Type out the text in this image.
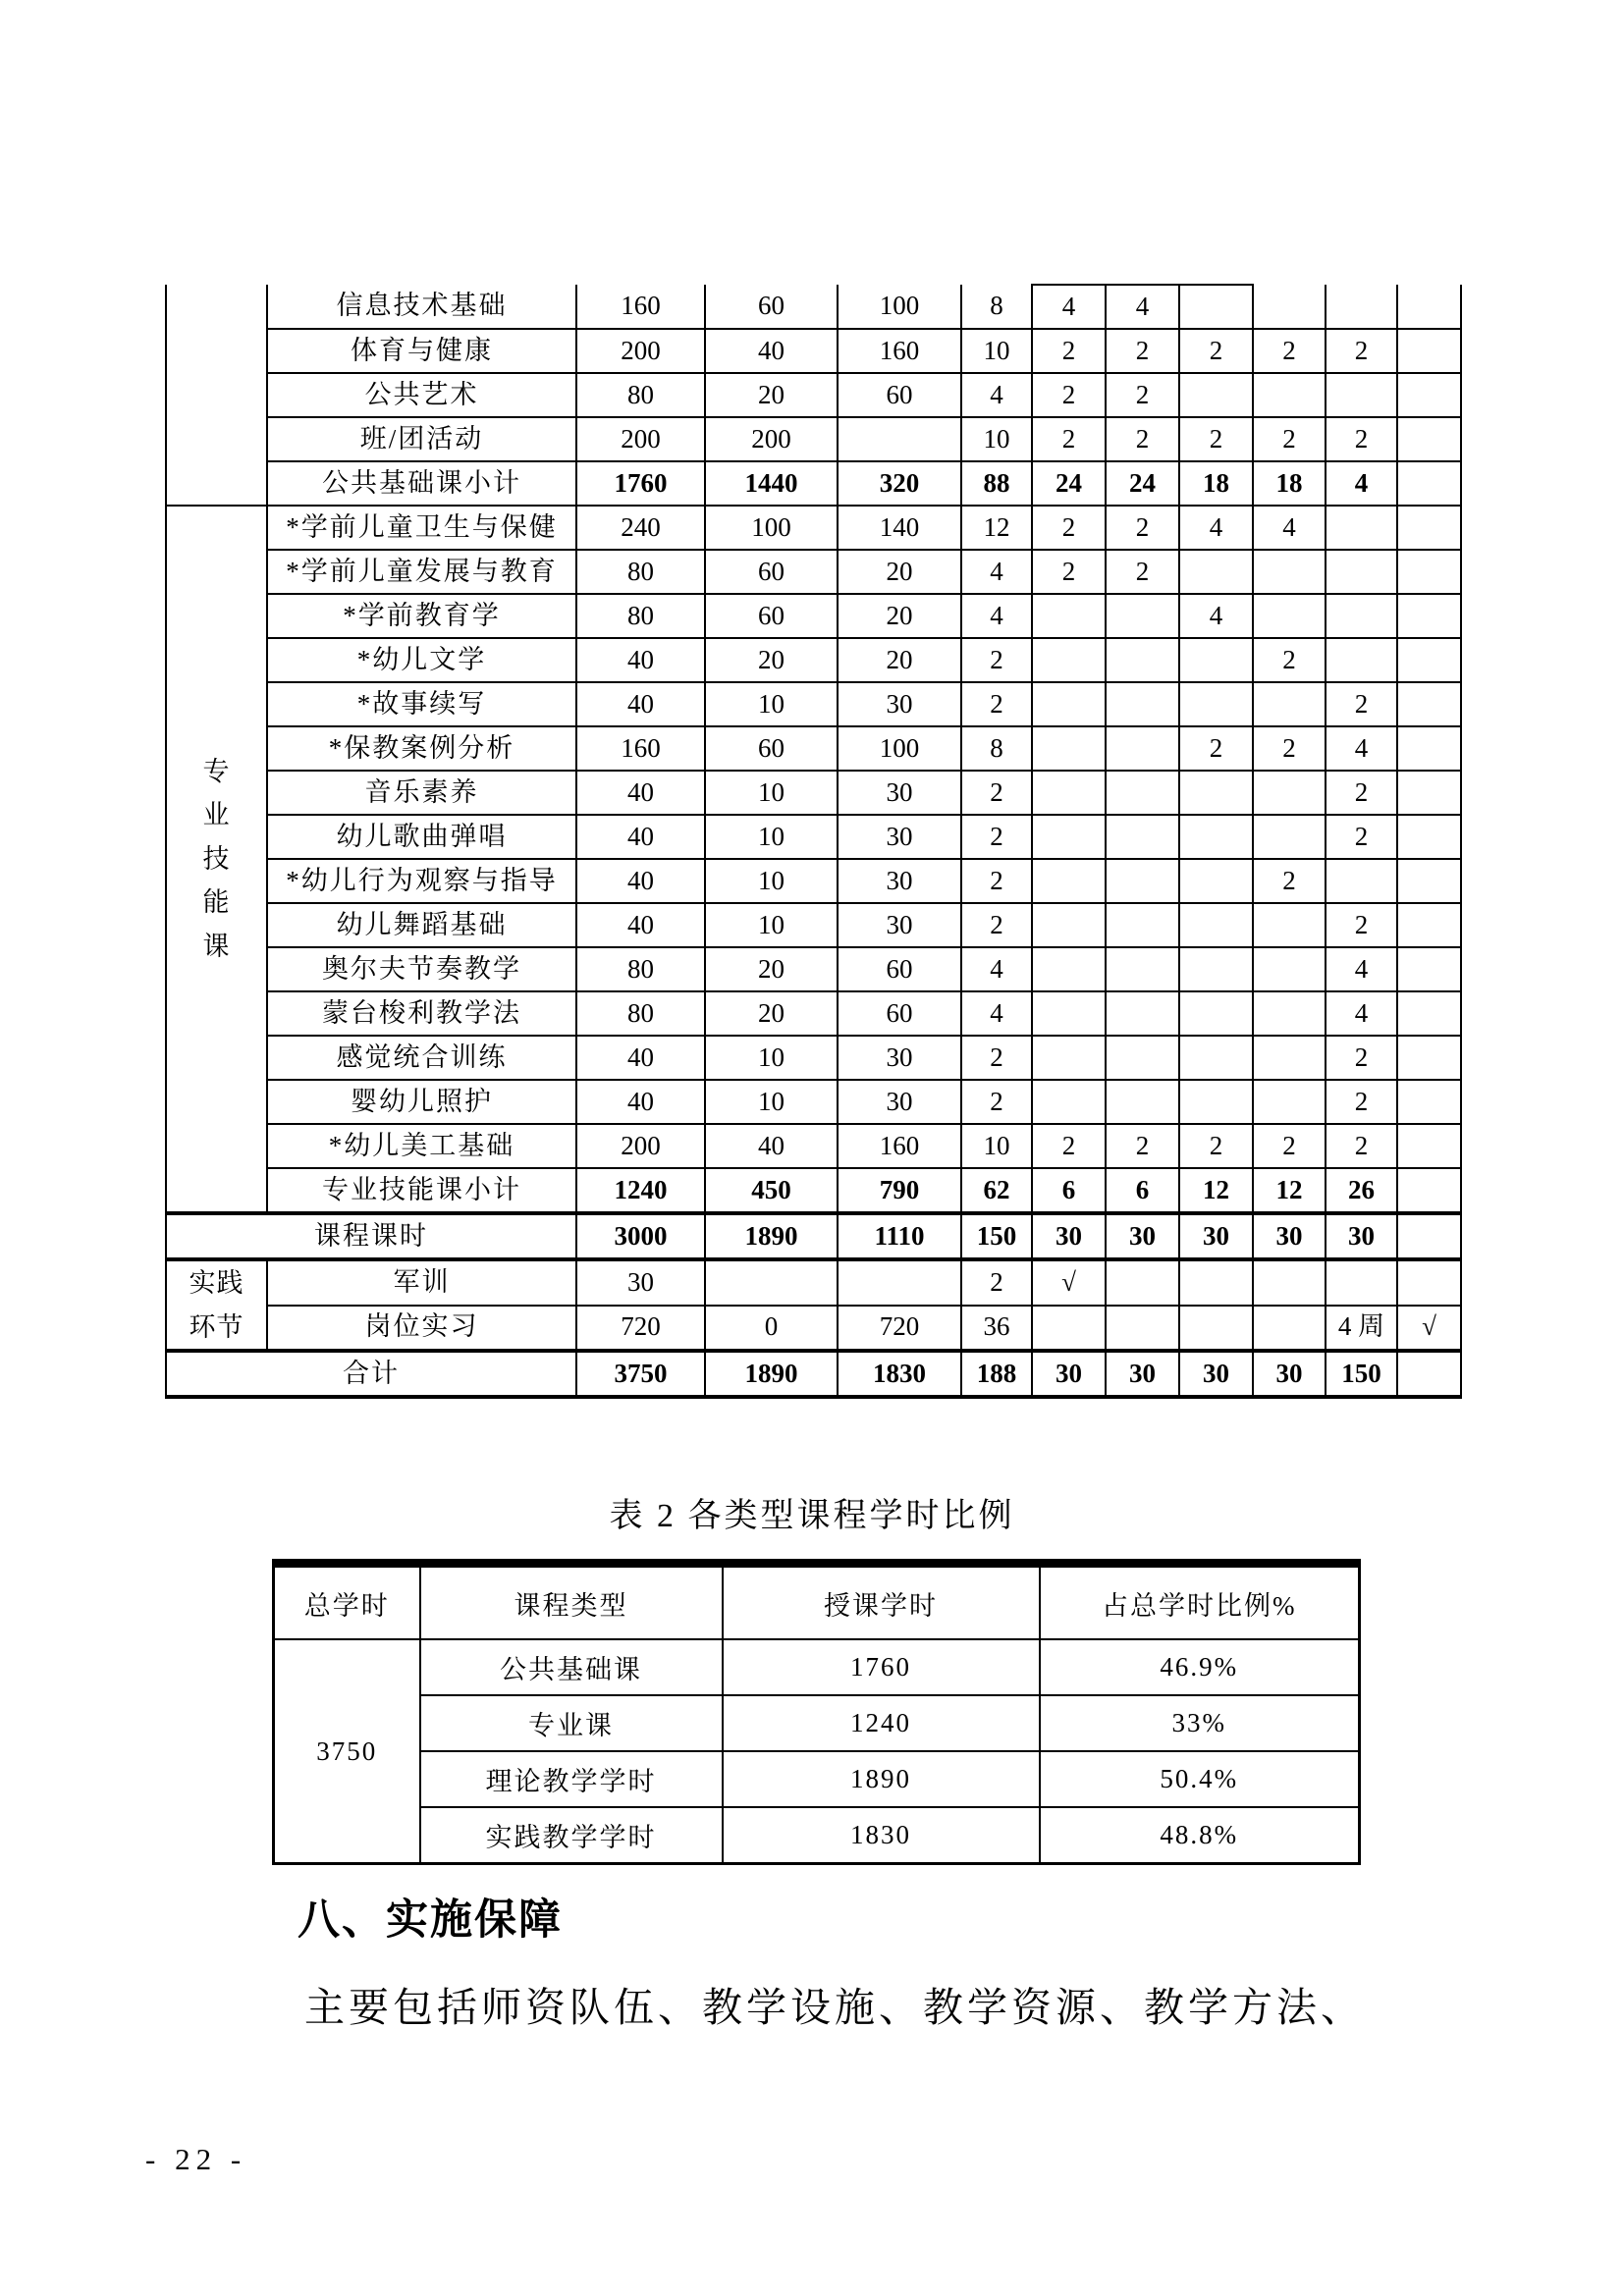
	信息技术基础	160	60	100	8	4	4				
	体育与健康	200	40	160	10	2	2	2	2	2	
	公共艺术	80	20	60	4	2	2				
	班/团活动	200	200		10	2	2	2	2	2	
	公共基础课小计	1760	1440	320	88	24	24	18	18	4	

专
业
技
能
课	*学前儿童卫生与保健	240	100	140	12	2	2	4	4		
	*学前儿童发展与教育	80	60	20	4	2	2				
	*学前教育学	80	60	20	4			4			
	*幼儿文学	40	20	20	2				2		
	*故事续写	40	10	30	2					2	
	*保教案例分析	160	60	100	8			2	2	4	
	音乐素养	40	10	30	2					2	
	幼儿歌曲弹唱	40	10	30	2					2	
	*幼儿行为观察与指导	40	10	30	2				2		
	幼儿舞蹈基础	40	10	30	2					2	
	奥尔夫节奏教学	80	20	60	4					4	
	蒙台梭利教学法	80	20	60	4					4	
	感觉统合训练	40	10	30	2					2	
	婴幼儿照护	40	10	30	2					2	
	*幼儿美工基础	200	40	160	10	2	2	2	2	2	
	专业技能课小计	1240	450	790	62	6	6	12	12	26	
课程课时		3000	1890	1110	150	30	30	30	30	30	

实践
环节	军训	30			2	√					
	岗位实习	720	0	720	36					4 周	√
合计		3750	1890	1830	188	30	30	30	30	150	
表 2 各类型课程学时比例
总学时	课程类型	授课学时	占总学时比例%
3750	公共基础课	1760	46.9%
	专业课	1240	33%
	理论教学学时	1890	50.4%
	实践教学学时	1830	48.8%
八、实施保障
主要包括师资队伍、教学设施、教学资源、教学方法、
- 22 -
